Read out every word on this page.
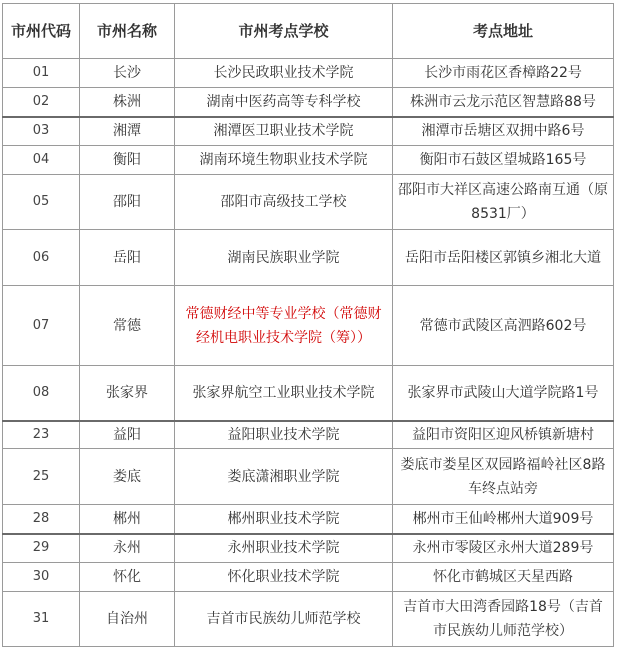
市州代码	市州名称	市州考点学校	考点地址
01	长沙	长沙民政职业技术学院	长沙市雨花区香樟路22号
02	株洲	湖南中医药高等专科学校	株洲市云龙示范区智慧路88号
03	湘潭	湘潭医卫职业技术学院	湘潭市岳塘区双拥中路6号
04	衡阳	湖南环境生物职业技术学院	衡阳市石鼓区望城路165号
05	邵阳	邵阳市高级技工学校	邵阳市大祥区高速公路南互通（原8531厂）
06	岳阳	湖南民族职业学院	岳阳市岳阳楼区郭镇乡湘北大道
07	常德	常德财经中等专业学校（常德财经机电职业技术学院（筹））	常德市武陵区高泗路602号
08	张家界	张家界航空工业职业技术学院	张家界市武陵山大道学院路1号
23	益阳	益阳职业技术学院	益阳市资阳区迎风桥镇新塘村
25	娄底	娄底潇湘职业学院	娄底市娄星区双园路福岭社区8路车终点站旁
28	郴州	郴州职业技术学院	郴州市王仙岭郴州大道909号
29	永州	永州职业技术学院	永州市零陵区永州大道289号
30	怀化	怀化职业技术学院	怀化市鹤城区天星西路
31	自治州	吉首市民族幼儿师范学校	吉首市大田湾香园路18号（吉首市民族幼儿师范学校）
